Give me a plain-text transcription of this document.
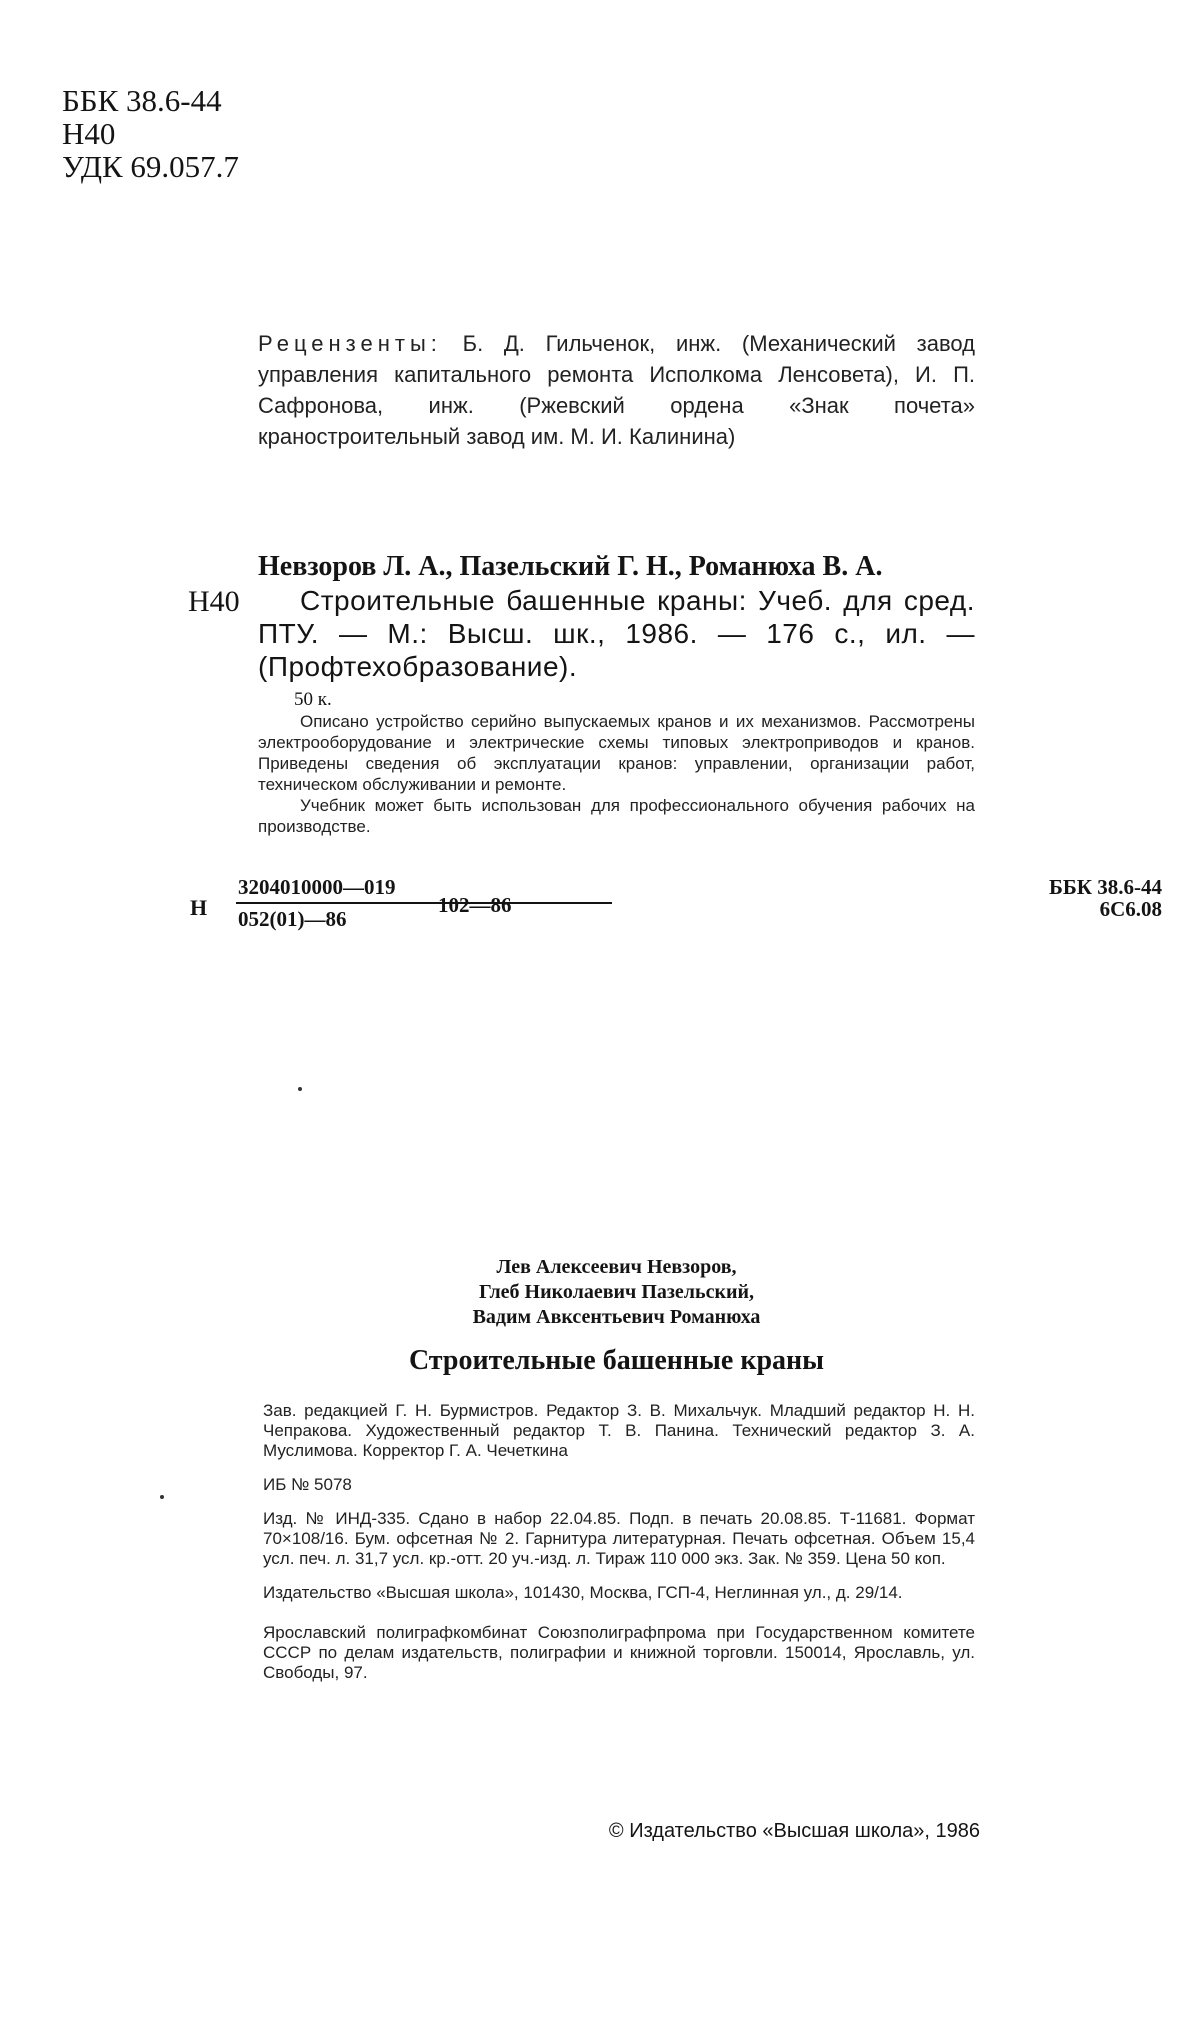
ББК 38.6-44
Н40
УДК 69.057.7
Рецензенты: Б. Д. Гильченок, инж. (Механический завод управления капитального ремонта Исполкома Ленсовета), И. П. Сафронова, инж. (Ржевский ордена «Знак почета» краностроительный завод им. М. И. Калинина)
Н40
Невзоров Л. А., Пазельский Г. Н., Романюха В. А.
Строительные башенные краны: Учеб. для сред. ПТУ. — М.: Высш. шк., 1986. — 176 с., ил. — (Профтехобразование).
50 к.
Описано устройство серийно выпускаемых кранов и их механизмов. Рассмотрены электрооборудование и электрические схемы типовых электроприводов и кранов. Приведены сведения об эксплуатации кранов: управлении, организации работ, техническом обслуживании и ремонте.
Учебник может быть использован для профессионального обучения рабочих на производстве.
Н
3204010000—019
052(01)—86
102—86
ББК 38.6-44
6С6.08
Лев Алексеевич Невзоров,
Глеб Николаевич Пазельский,
Вадим Авксентьевич Романюха
Строительные башенные краны

Зав. редакцией Г. Н. Бурмистров. Редактор З. В. Михальчук. Младший редактор Н. Н. Чепракова. Художественный редактор Т. В. Панина. Технический редактор З. А. Муслимова. Корректор Г. А. Чечеткина

ИБ № 5078

Изд. № ИНД-335. Сдано в набор 22.04.85. Подп. в печать 20.08.85. Т-11681. Формат 70×108/16. Бум. офсетная № 2. Гарнитура литературная. Печать офсетная. Объем 15,4 усл. печ. л. 31,7 усл. кр.-отт. 20 уч.-изд. л. Тираж 110 000 экз. Зак. № 359. Цена 50 коп.

Издательство «Высшая школа», 101430, Москва, ГСП-4, Неглинная ул., д. 29/14.

Ярославский полиграфкомбинат Союзполиграфпрома при Государственном комитете СССР по делам издательств, полиграфии и книжной торговли. 150014, Ярославль, ул. Свободы, 97.

© Издательство «Высшая школа», 1986
